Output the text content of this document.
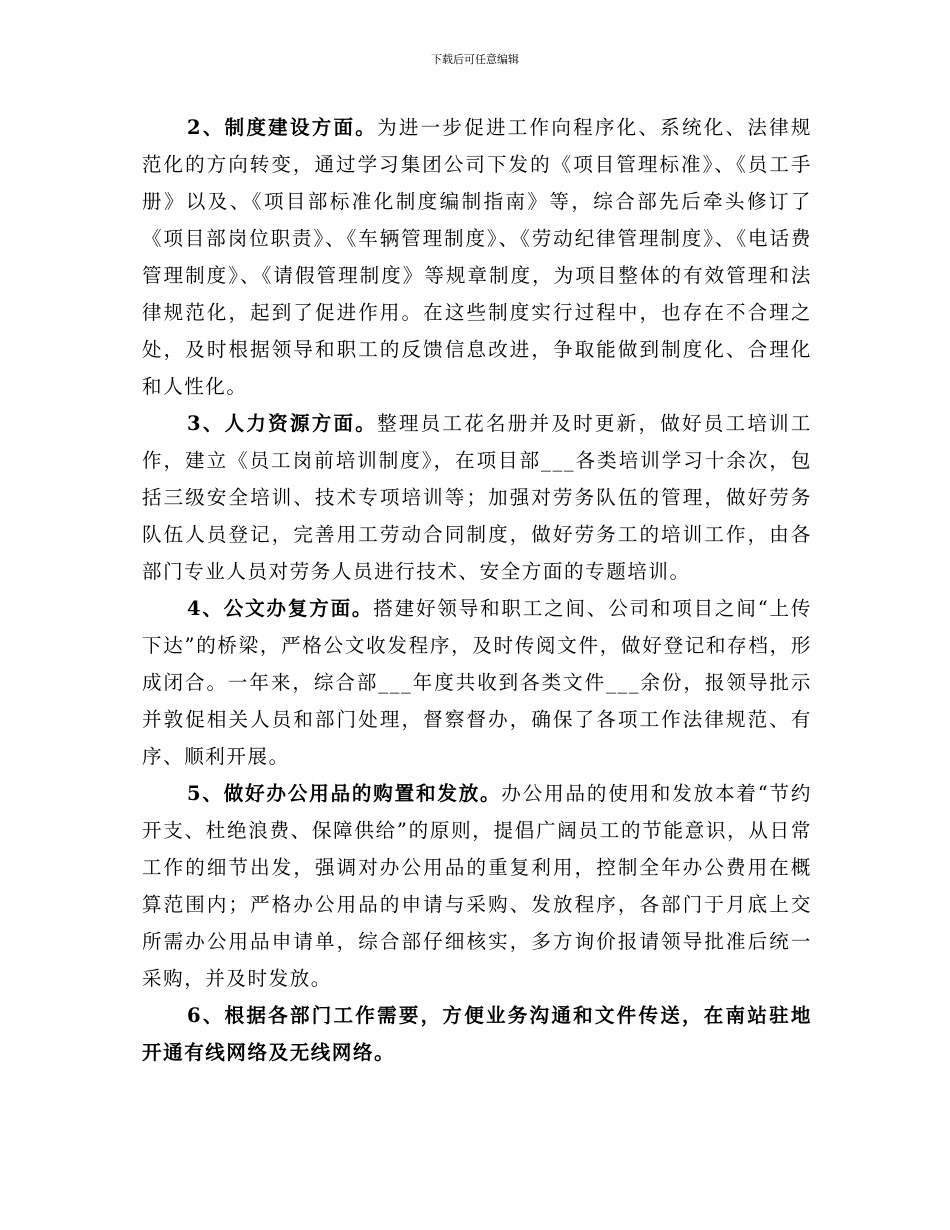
下载后可任意编辑

2、制度建设方面。为进一步促进工作向程序化、系统化、法律规范化的方向转变，通过学习集团公司下发的《项目管理标准》、《员工手册》以及、《项目部标准化制度编制指南》等，综合部先后牵头修订了《项目部岗位职责》、《车辆管理制度》、《劳动纪律管理制度》、《电话费管理制度》、《请假管理制度》等规章制度，为项目整体的有效管理和法律规范化，起到了促进作用。在这些制度实行过程中，也存在不合理之处，及时根据领导和职工的反馈信息改进，争取能做到制度化、合理化和人性化。

3、人力资源方面。整理员工花名册并及时更新，做好员工培训工作，建立《员工岗前培训制度》，在项目部___各类培训学习十余次，包括三级安全培训、技术专项培训等；加强对劳务队伍的管理，做好劳务队伍人员登记，完善用工劳动合同制度，做好劳务工的培训工作，由各部门专业人员对劳务人员进行技术、安全方面的专题培训。

4、公文办复方面。搭建好领导和职工之间、公司和项目之间“上传下达”的桥梁，严格公文收发程序，及时传阅文件，做好登记和存档，形成闭合。一年来，综合部___年度共收到各类文件___余份，报领导批示并敦促相关人员和部门处理，督察督办，确保了各项工作法律规范、有序、顺利开展。

5、做好办公用品的购置和发放。办公用品的使用和发放本着“节约开支、杜绝浪费、保障供给”的原则，提倡广阔员工的节能意识，从日常工作的细节出发，强调对办公用品的重复利用，控制全年办公费用在概算范围内；严格办公用品的申请与采购、发放程序，各部门于月底上交所需办公用品申请单，综合部仔细核实，多方询价报请领导批准后统一采购，并及时发放。

6、根据各部门工作需要，方便业务沟通和文件传送，在南站驻地开通有线网络及无线网络。
